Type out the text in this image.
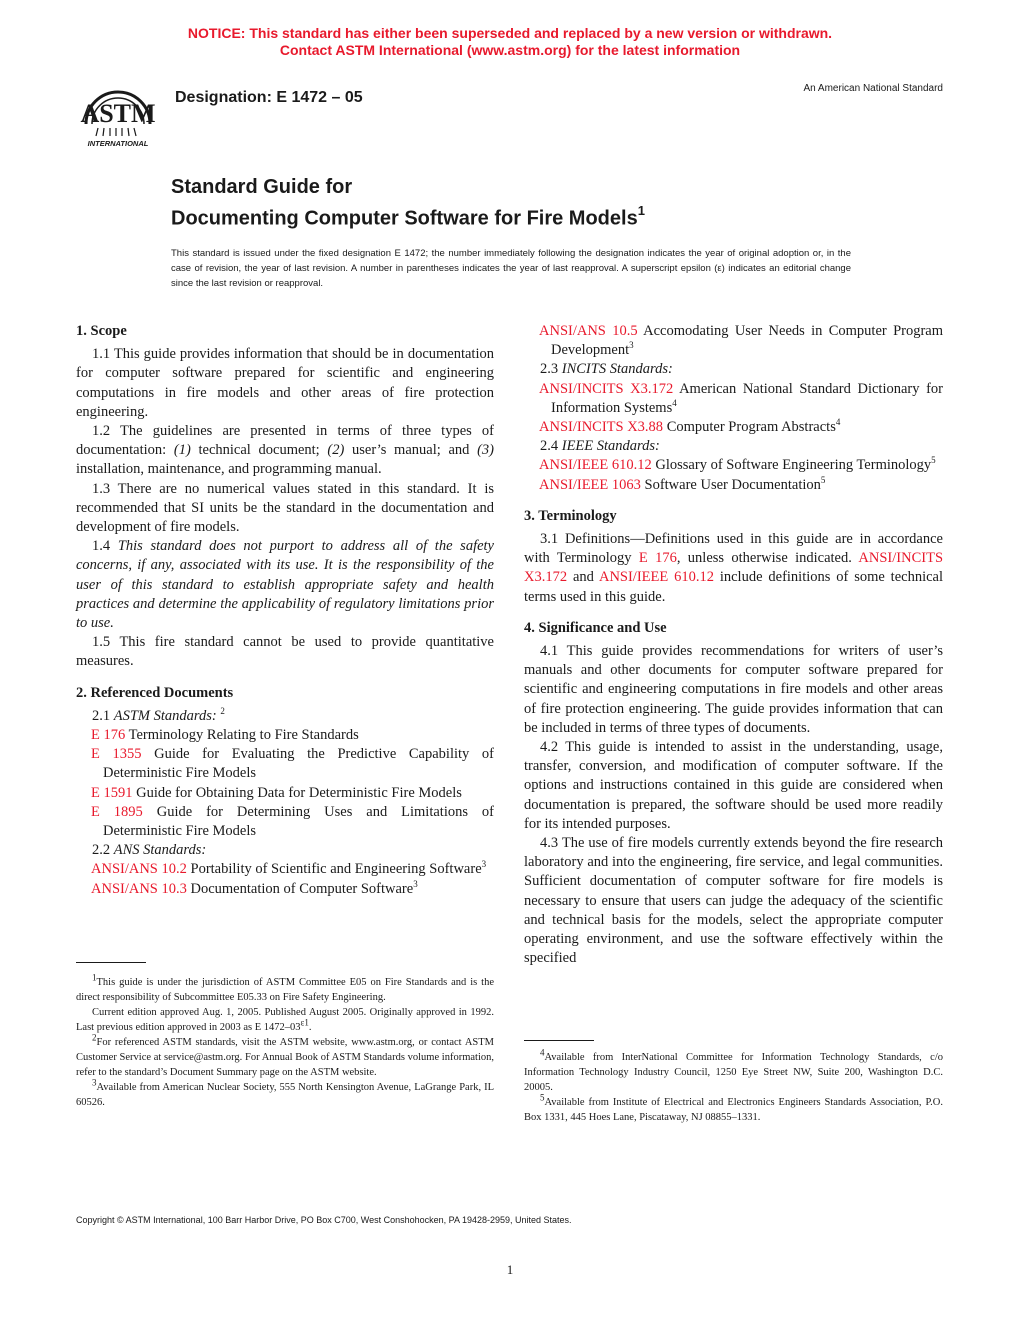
NOTICE: This standard has either been superseded and replaced by a new version or withdrawn.
Contact ASTM International (www.astm.org) for the latest information
ASTM
INTERNATIONAL
Designation: E 1472 – 05
An American National Standard
Standard Guide for
Documenting Computer Software for Fire Models$^1$
This standard is issued under the fixed designation E 1472; the number immediately following the designation indicates the year of original adoption or, in the case of revision, the year of last revision. A number in parentheses indicates the year of last reapproval. A superscript epsilon (ε) indicates an editorial change since the last revision or reapproval.

1. Scope

1.1 This guide provides information that should be in documentation for computer software prepared for scientific and engineering computations in fire models and other areas of fire protection engineering.

1.2 The guidelines are presented in terms of three types of documentation: (1) technical document; (2) user’s manual; and (3) installation, maintenance, and programming manual.

1.3 There are no numerical values stated in this standard. It is recommended that SI units be the standard in the documentation and development of fire models.

1.4 This standard does not purport to address all of the safety concerns, if any, associated with its use. It is the responsibility of the user of this standard to establish appropriate safety and health practices and determine the applicability of regulatory limitations prior to use.

1.5 This fire standard cannot be used to provide quantitative measures.

2. Referenced Documents

2.1 ASTM Standards: $^2$

E 176 Terminology Relating to Fire Standards

E 1355 Guide for Evaluating the Predictive Capability of Deterministic Fire Models

E 1591 Guide for Obtaining Data for Deterministic Fire Models

E 1895 Guide for Determining Uses and Limitations of Deterministic Fire Models

2.2 ANS Standards:

ANSI/ANS 10.2 Portability of Scientific and Engineering Software$^3$

ANSI/ANS 10.3 Documentation of Computer Software$^3$

1This guide is under the jurisdiction of ASTM Committee E05 on Fire Standards and is the direct responsibility of Subcommittee E05.33 on Fire Safety Engineering.

Current edition approved Aug. 1, 2005. Published August 2005. Originally approved in 1992. Last previous edition approved in 2003 as E 1472–03ε1.

2For referenced ASTM standards, visit the ASTM website, www.astm.org, or contact ASTM Customer Service at service@astm.org. For Annual Book of ASTM Standards volume information, refer to the standard’s Document Summary page on the ASTM website.

3Available from American Nuclear Society, 555 North Kensington Avenue, LaGrange Park, IL 60526.

ANSI/ANS 10.5 Accomodating User Needs in Computer Program Development$^3$

2.3 INCITS Standards:

ANSI/INCITS X3.172 American National Standard Dictionary for Information Systems$^4$

ANSI/INCITS X3.88 Computer Program Abstracts$^4$

2.4 IEEE Standards:

ANSI/IEEE 610.12 Glossary of Software Engineering Terminology$^5$

ANSI/IEEE 1063 Software User Documentation$^5$

3. Terminology

3.1 Definitions—Definitions used in this guide are in accordance with Terminology E 176, unless otherwise indicated. ANSI/INCITS X3.172 and ANSI/IEEE 610.12 include definitions of some technical terms used in this guide.

4. Significance and Use

4.1 This guide provides recommendations for writers of user’s manuals and other documents for computer software prepared for scientific and engineering computations in fire models and other areas of fire protection engineering. The guide provides information that can be included in terms of three types of documents.

4.2 This guide is intended to assist in the understanding, usage, transfer, conversion, and modification of computer software. If the options and instructions contained in this guide are considered when documentation is prepared, the software should be used more readily for its intended purposes.

4.3 The use of fire models currently extends beyond the fire research laboratory and into the engineering, fire service, and legal communities. Sufficient documentation of computer software for fire models is necessary to ensure that users can judge the adequacy of the scientific and technical basis for the models, select the appropriate computer operating environment, and use the software effectively within the specified

4Available from InterNational Committee for Information Technology Standards, c/o Information Technology Industry Council, 1250 Eye Street NW, Suite 200, Washington D.C. 20005.

5Available from Institute of Electrical and Electronics Engineers Standards Association, P.O. Box 1331, 445 Hoes Lane, Piscataway, NJ 08855–1331.

Copyright © ASTM International, 100 Barr Harbor Drive, PO Box C700, West Conshohocken, PA 19428-2959, United States.
1
